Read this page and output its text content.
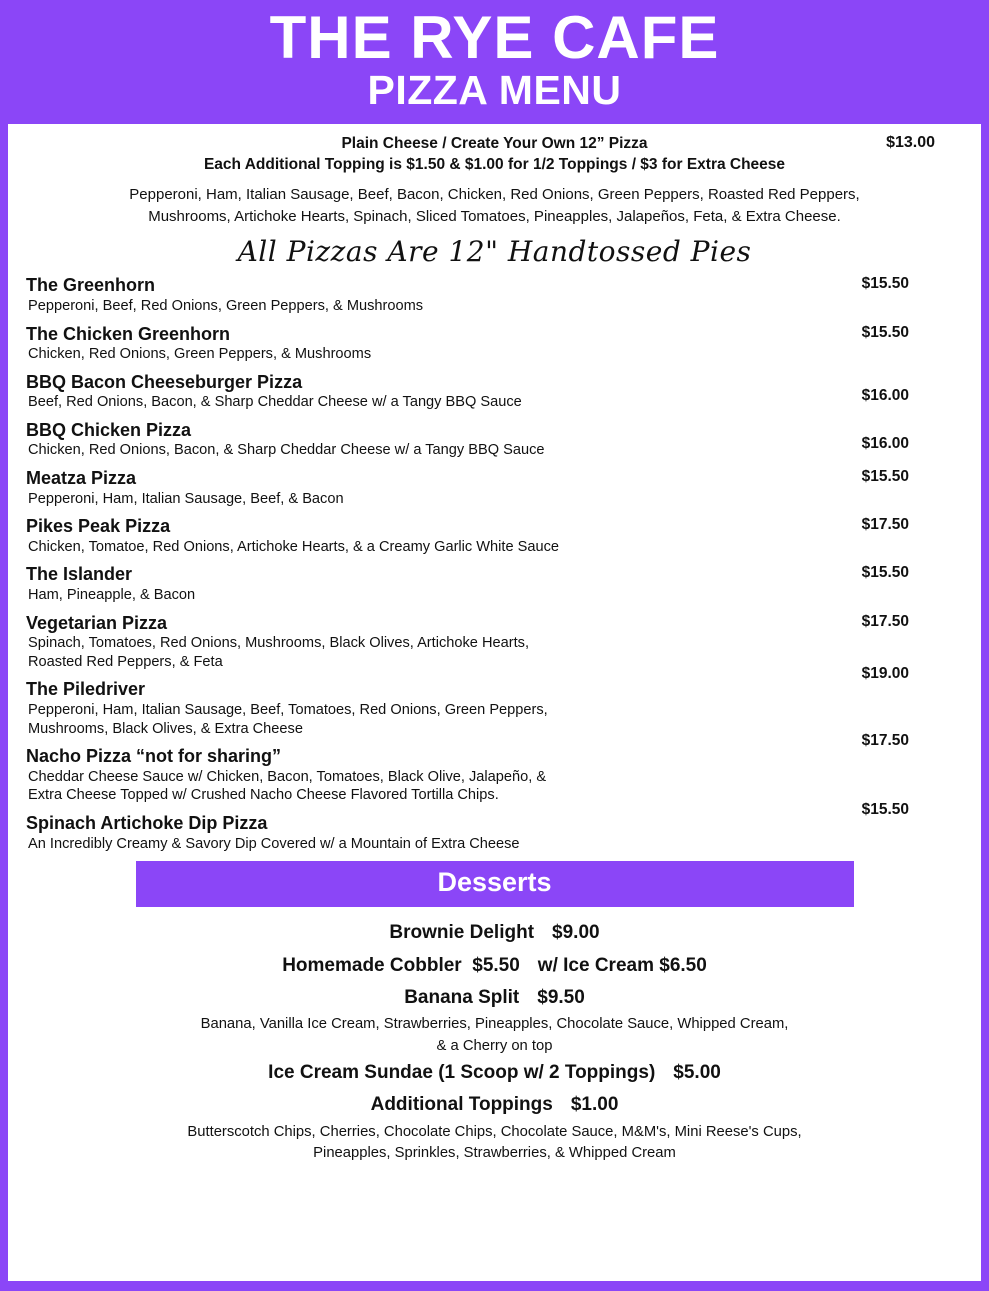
THE RYE CAFE
PIZZA MENU
Plain Cheese / Create Your Own 12” Pizza
Each Additional Topping is $1.50 & $1.00 for 1/2 Toppings / $3 for Extra Cheese
$13.00
Pepperoni, Ham, Italian Sausage, Beef, Bacon, Chicken, Red Onions, Green Peppers, Roasted Red Peppers,
Mushrooms, Artichoke Hearts, Spinach, Sliced Tomatoes, Pineapples, Jalapeños, Feta, & Extra Cheese.
All Pizzas Are 12" Handtossed Pies
The Greenhorn
Pepperoni, Beef, Red Onions, Green Peppers, & Mushrooms
$15.50
The Chicken Greenhorn
Chicken, Red Onions, Green Peppers, & Mushrooms
$15.50
BBQ Bacon Cheeseburger Pizza
Beef, Red Onions, Bacon, & Sharp Cheddar Cheese w/ a Tangy BBQ Sauce	$16.00
BBQ Chicken Pizza
Chicken, Red Onions, Bacon, & Sharp Cheddar Cheese w/ a Tangy BBQ Sauce	$16.00
Meatza Pizza
Pepperoni, Ham, Italian Sausage, Beef, & Bacon
$15.50
Pikes Peak Pizza
Chicken, Tomatoe, Red Onions, Artichoke Hearts, & a Creamy Garlic White Sauce
$17.50
The Islander
Ham, Pineapple, & Bacon
$15.50
Vegetarian Pizza
Spinach, Tomatoes, Red Onions, Mushrooms, Black Olives, Artichoke Hearts,
Roasted Red Peppers, & Feta
$17.50
The Piledriver
Pepperoni, Ham, Italian Sausage, Beef, Tomatoes, Red Onions, Green Peppers,
Mushrooms, Black Olives, & Extra Cheese
$19.00
Nacho Pizza “not for sharing”
Cheddar Cheese Sauce w/ Chicken, Bacon, Tomatoes, Black Olive, Jalapeño, &
Extra Cheese Topped w/ Crushed Nacho Cheese Flavored Tortilla Chips.
$17.50
Spinach Artichoke Dip Pizza
An Incredibly Creamy & Savory Dip Covered w/ a Mountain of Extra Cheese
$15.50
Desserts
Brownie Delight $9.00
Homemade Cobbler $5.50 w/ Ice Cream $6.50
Banana Split $9.50
Banana, Vanilla Ice Cream, Strawberries, Pineapples, Chocolate Sauce, Whipped Cream,
& a Cherry on top
Ice Cream Sundae (1 Scoop w/ 2 Toppings) $5.00
Additional Toppings $1.00
Butterscotch Chips, Cherries, Chocolate Chips, Chocolate Sauce, M&M's, Mini Reese's Cups,
Pineapples, Sprinkles, Strawberries, & Whipped Cream
